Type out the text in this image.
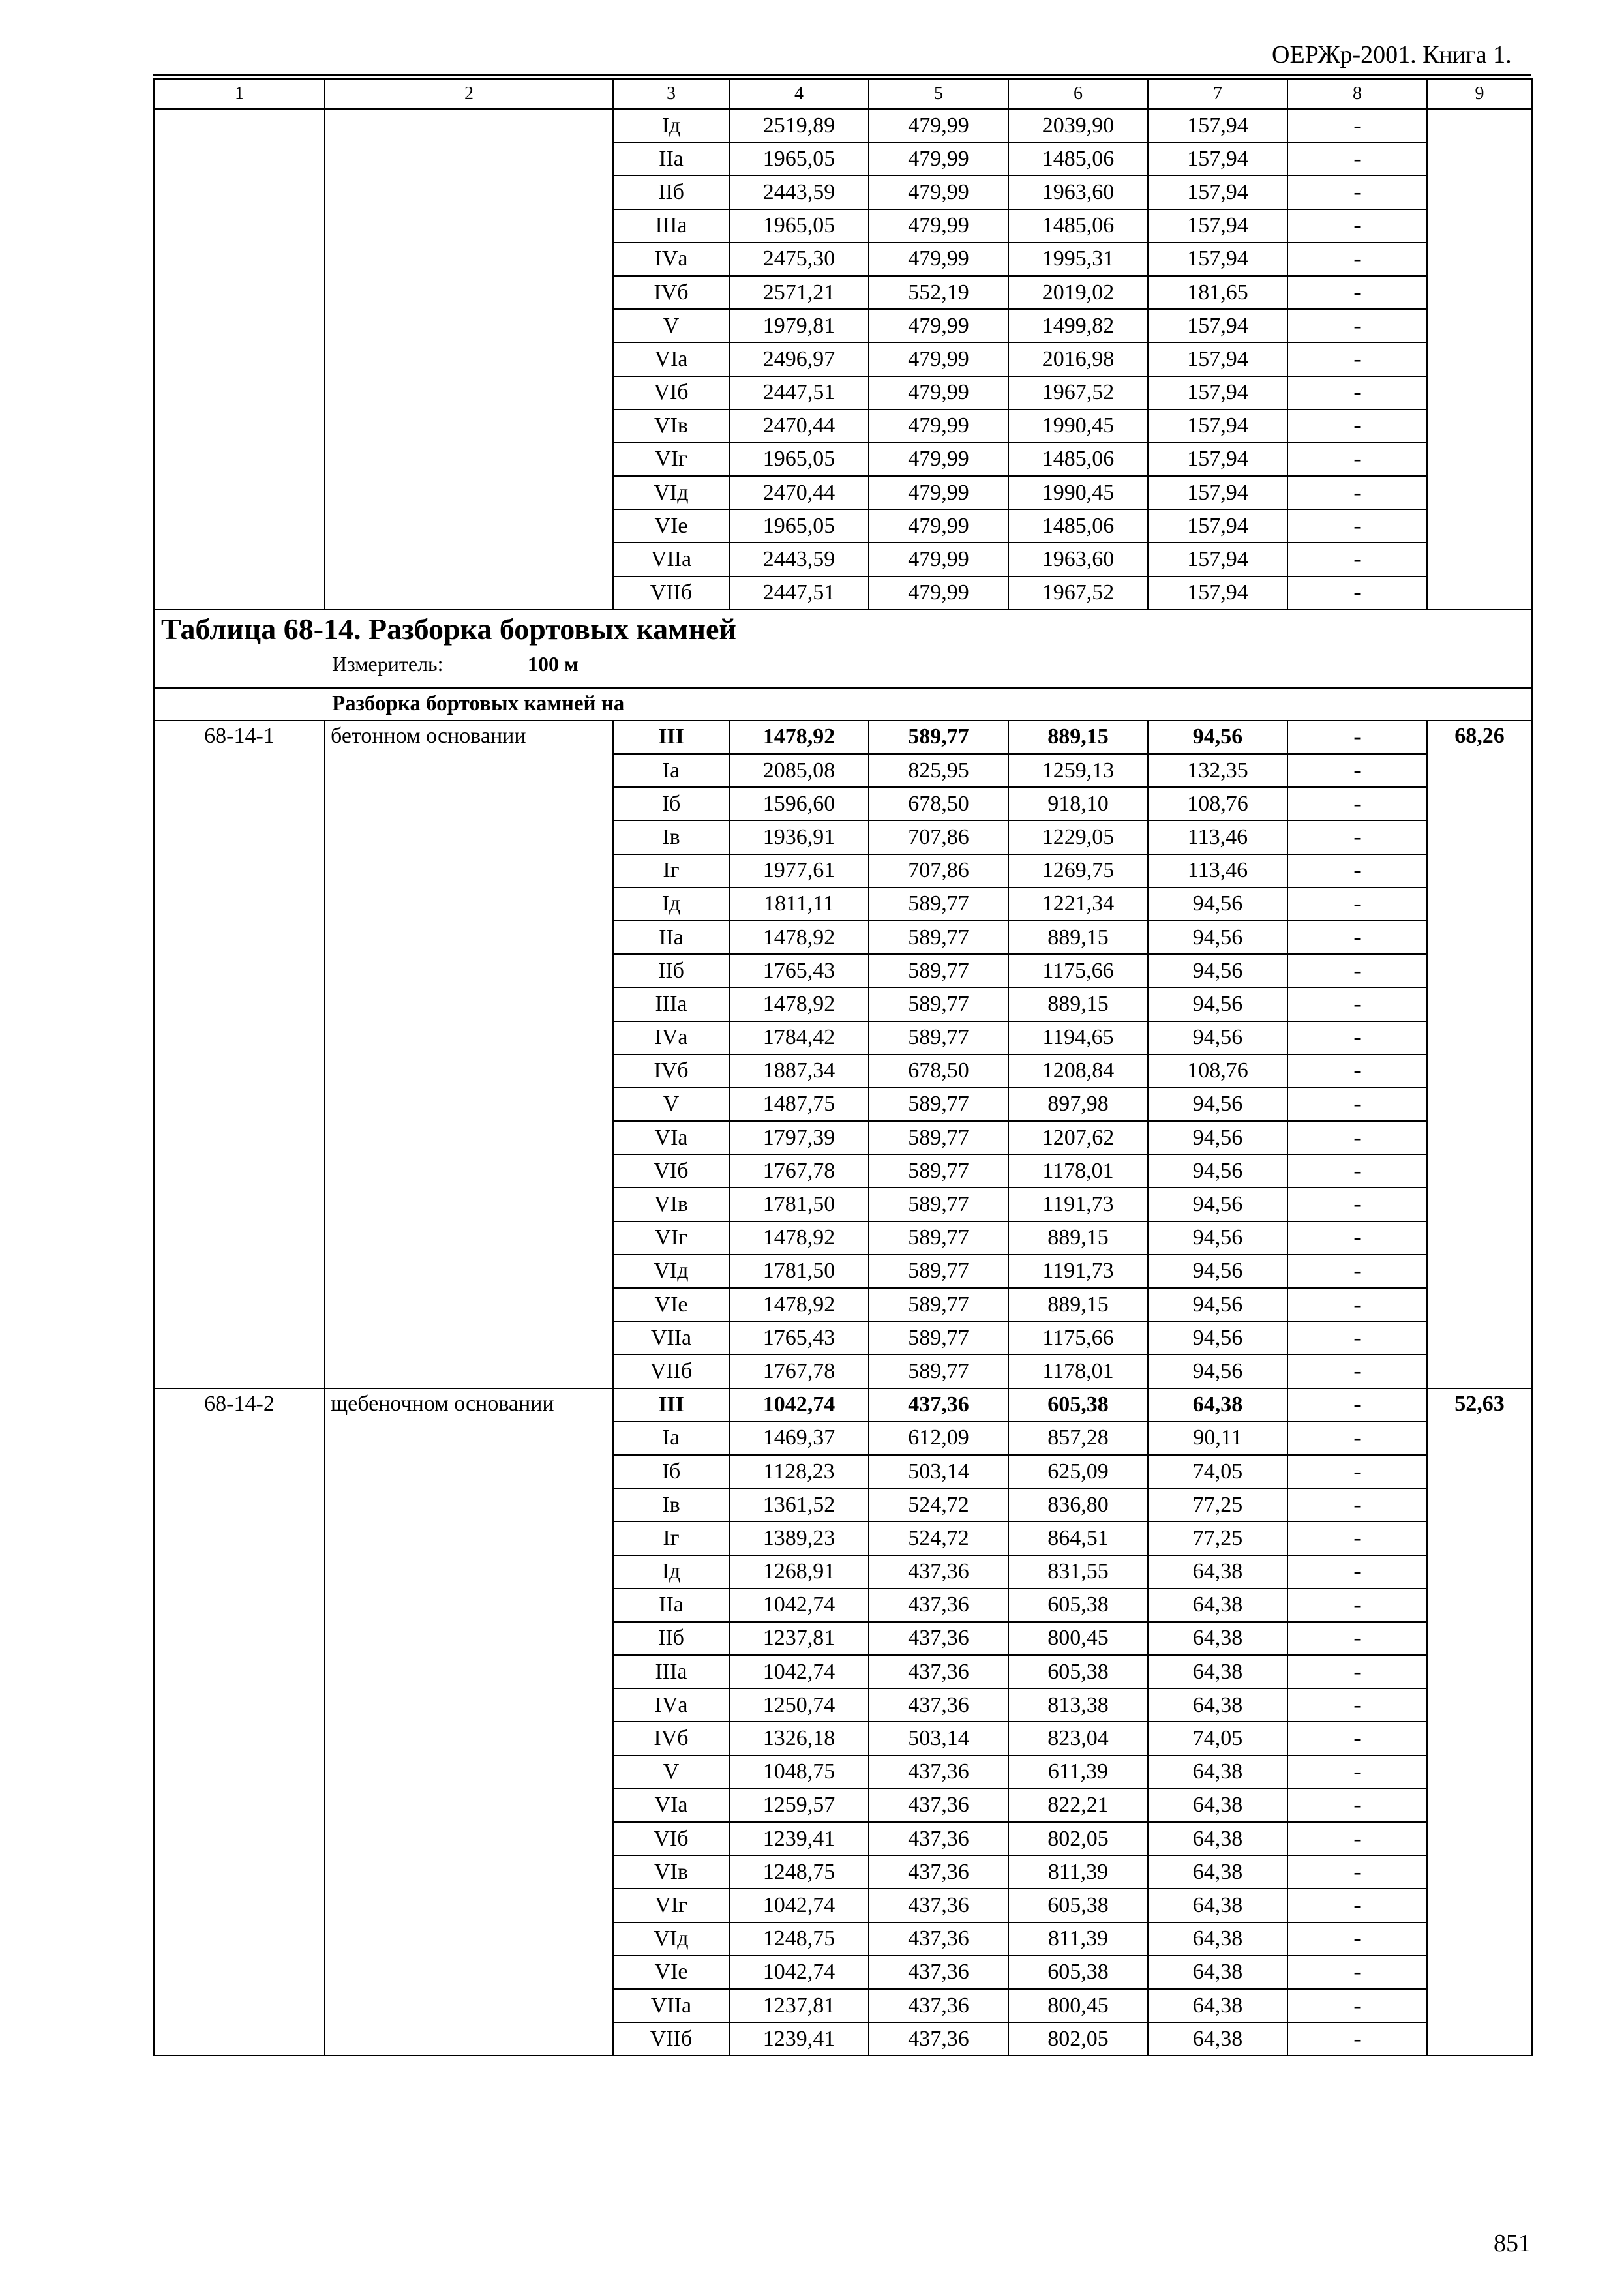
ОЕРЖр-2001. Книга 1.
1	2	3	4	5	6	7	8	9
		Iд	2519,89	479,99	2039,90	157,94	-	
		IIа	1965,05	479,99	1485,06	157,94	-	
		IIб	2443,59	479,99	1963,60	157,94	-	
		IIIа	1965,05	479,99	1485,06	157,94	-	
		IVа	2475,30	479,99	1995,31	157,94	-	
		IVб	2571,21	552,19	2019,02	181,65	-	
		V	1979,81	479,99	1499,82	157,94	-	
		VIа	2496,97	479,99	2016,98	157,94	-	
		VIб	2447,51	479,99	1967,52	157,94	-	
		VIв	2470,44	479,99	1990,45	157,94	-	
		VIг	1965,05	479,99	1485,06	157,94	-	
		VIд	2470,44	479,99	1990,45	157,94	-	
		VIе	1965,05	479,99	1485,06	157,94	-	
		VIIа	2443,59	479,99	1963,60	157,94	-	
		VIIб	2447,51	479,99	1967,52	157,94	-	

Таблица 68-14. Разборка бортовых камней
Измеритель: 100 м								

Разборка бортовых камней на								
68-14-1	бетонном основании	III	1478,92	589,77	889,15	94,56	-	68,26
		Iа	2085,08	825,95	1259,13	132,35	-	
		Iб	1596,60	678,50	918,10	108,76	-	
		Iв	1936,91	707,86	1229,05	113,46	-	
		Iг	1977,61	707,86	1269,75	113,46	-	
		Iд	1811,11	589,77	1221,34	94,56	-	
		IIа	1478,92	589,77	889,15	94,56	-	
		IIб	1765,43	589,77	1175,66	94,56	-	
		IIIа	1478,92	589,77	889,15	94,56	-	
		IVа	1784,42	589,77	1194,65	94,56	-	
		IVб	1887,34	678,50	1208,84	108,76	-	
		V	1487,75	589,77	897,98	94,56	-	
		VIа	1797,39	589,77	1207,62	94,56	-	
		VIб	1767,78	589,77	1178,01	94,56	-	
		VIв	1781,50	589,77	1191,73	94,56	-	
		VIг	1478,92	589,77	889,15	94,56	-	
		VIд	1781,50	589,77	1191,73	94,56	-	
		VIе	1478,92	589,77	889,15	94,56	-	
		VIIа	1765,43	589,77	1175,66	94,56	-	
		VIIб	1767,78	589,77	1178,01	94,56	-	
68-14-2	щебеночном основании	III	1042,74	437,36	605,38	64,38	-	52,63
		Iа	1469,37	612,09	857,28	90,11	-	
		Iб	1128,23	503,14	625,09	74,05	-	
		Iв	1361,52	524,72	836,80	77,25	-	
		Iг	1389,23	524,72	864,51	77,25	-	
		Iд	1268,91	437,36	831,55	64,38	-	
		IIа	1042,74	437,36	605,38	64,38	-	
		IIб	1237,81	437,36	800,45	64,38	-	
		IIIа	1042,74	437,36	605,38	64,38	-	
		IVа	1250,74	437,36	813,38	64,38	-	
		IVб	1326,18	503,14	823,04	74,05	-	
		V	1048,75	437,36	611,39	64,38	-	
		VIа	1259,57	437,36	822,21	64,38	-	
		VIб	1239,41	437,36	802,05	64,38	-	
		VIв	1248,75	437,36	811,39	64,38	-	
		VIг	1042,74	437,36	605,38	64,38	-	
		VIд	1248,75	437,36	811,39	64,38	-	
		VIе	1042,74	437,36	605,38	64,38	-	
		VIIа	1237,81	437,36	800,45	64,38	-	
		VIIб	1239,41	437,36	802,05	64,38	-	
851
